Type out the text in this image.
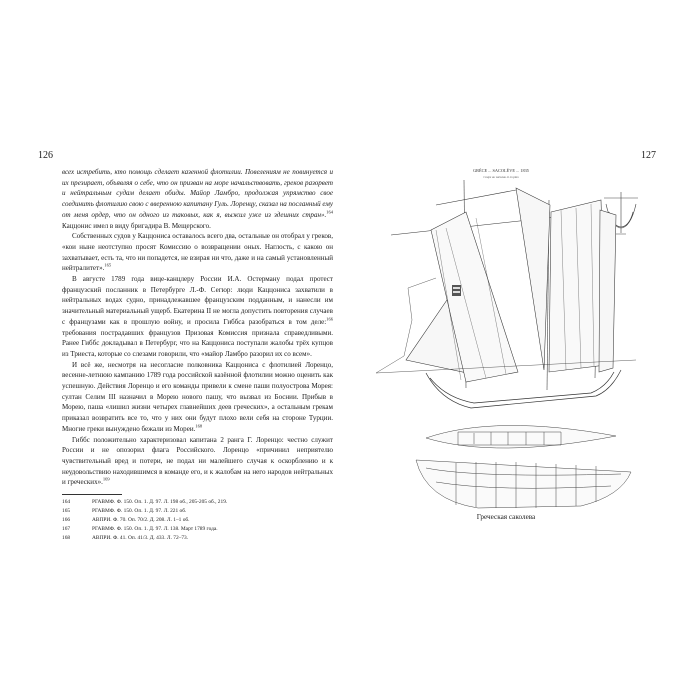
126	127

всех истребить, кто помощь сделает казенной флотилии. Повелениям не повинуется и их презирает, объявляя о себе, что он призван на море начальствовать, греков разорвет и нейтральным судам делает обиды. Майор Ламбро, продолжая упрямство свое соединить флотилию свою с вверенною капитану Гуль. Лоренцу, сказал на посланный ему от меня ордер, что он одного из таковых, как я, выжил уже из здешних стран».$^{164}$ Каццонис имел в виду бригадира В. Мещерского.

Собственных судов у Каццониса оставалось всего два, остальные он отобрал у греков, «кои ныне неотступно просят Комиссию о возвращении оных. Наглость, с какою он захватывает, есть та, что ни попадется, не взирая ни что, даже и на самый установленный нейтралитет».$^{165}$

В августе 1789 года вице-канцлеру России И.А. Остерману подал протест французский посланник в Петербурге Л.-Ф. Сегюр: люди Каццониса захватили в нейтральных водах судно, принадлежавшее французским подданным, и нанесли им значительный материальный ущерб. Екатерина II не могла допустить повторения случаев с французами как в прошлую войну, и просила Гиббса разобраться в том деле:$^{166}$ требования пострадавших французов Призовая Комиссия признала справедливыми. Ранее Гиббс докладывал в Петербург, что на Каццониса поступали жалобы трёх купцов из Триеста, которые со слезами говорили, что «майор Ламбро разорил их со всем».

И всё же, несмотря на несогласие полковника Каццониса с флотилией Лоренцо, весенне-летнюю кампанию 1789 года российской казённой флотилии можно оценить как успешную. Действия Лоренцо и его команды привели к смене паши полуострова Морея: султан Селим III назначил в Морею нового пашу, что вызвал из Боснии. Прибыв в Морею, паша «лишил жизни четырех главнейших деев греческих», а остальным грекам приказал возвратить все то, что у них они будут плохо вели себя на стороне Турции. Многие греки вынуждено бежали из Мореи.$^{168}$

Гиббс положительно характеризовал капитана 2 ранга Г. Лоренцо: честно служит России и не опозорил флага Российского. Лоренцо «причинил неприятелю чувствительный вред и потери, не подал ни малейшего случая к оскорблению и к неудовольствию находившимся в команде его, и к жалобам на него народов нейтральных и греческих».$^{169}$

164	РГАВМФ. Ф. 150. Оп. 1. Д. 97. Л. 198 об., 205-205 об., 219.
165	РГАВМФ. Ф. 150. Оп. 1. Д. 97. Л. 221 об.
166	АВПРИ. Ф. 70. Оп. 70/2. Д. 208. Л. 1–1 об.
167	РГАВМФ. Ф. 150. Оп. 1. Д. 97. Л. 138. Март 1789 года.
168	АВПРИ. Ф. 41. Оп. 41/3. Д. 433. Л. 72–73.
GRÈCE ... SACOLÈVE ... 1835
Coupe au vaisseau et en plan
Греческая саколева
